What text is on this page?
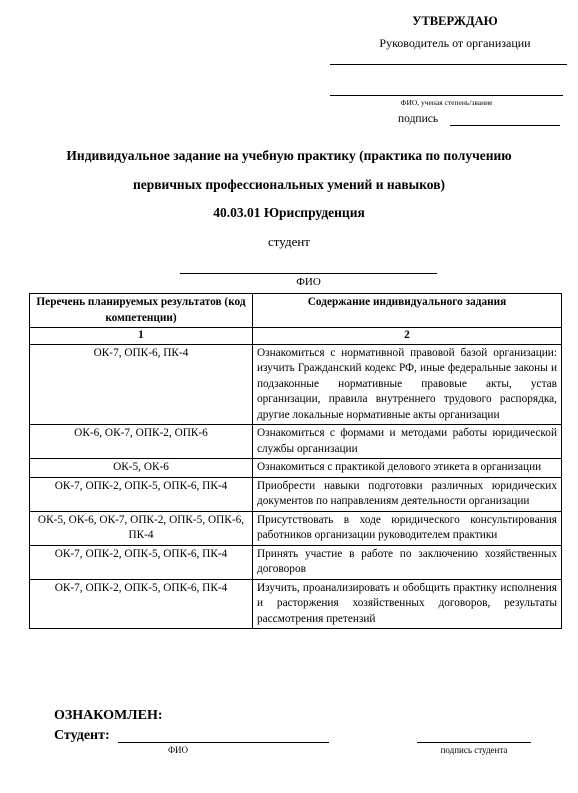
УТВЕРЖДАЮ
Руководитель от организации
ФИО, ученая степень/звание
подпись
Индивидуальное задание на учебную практику (практика по получению
первичных профессиональных умений и навыков)
40.03.01 Юриспруденция
студент
ФИО
Перечень планируемых результатов (код компетенции)	Содержание индивидуального задания
1	2
ОК-7, ОПК-6, ПК-4	Ознакомиться с нормативной правовой базой организации: изучить Гражданский кодекс РФ, иные федеральные законы и подзаконные нормативные правовые акты, устав организации, правила внутреннего трудового распорядка, другие локальные нормативные акты организации
ОК-6, ОК-7, ОПК-2, ОПК-6	Ознакомиться с формами и методами работы юридической службы организации
ОК-5, ОК-6	Ознакомиться с практикой делового этикета в организации
ОК-7, ОПК-2, ОПК-5, ОПК-6, ПК-4	Приобрести навыки подготовки различных юридических документов по направлениям деятельности организации
ОК-5, ОК-6, ОК-7, ОПК-2, ОПК-5, ОПК-6, ПК-4	Присутствовать в ходе юридического консультирования работников организации руководителем практики
ОК-7, ОПК-2, ОПК-5, ОПК-6, ПК-4	Принять участие в работе по заключению хозяйственных договоров
ОК-7, ОПК-2, ОПК-5, ОПК-6, ПК-4	Изучить, проанализировать и обобщить практику исполнения и расторжения хозяйственных договоров, результаты рассмотрения претензий
ОЗНАКОМЛЕН:
Студент:
ФИО	подпись студента
